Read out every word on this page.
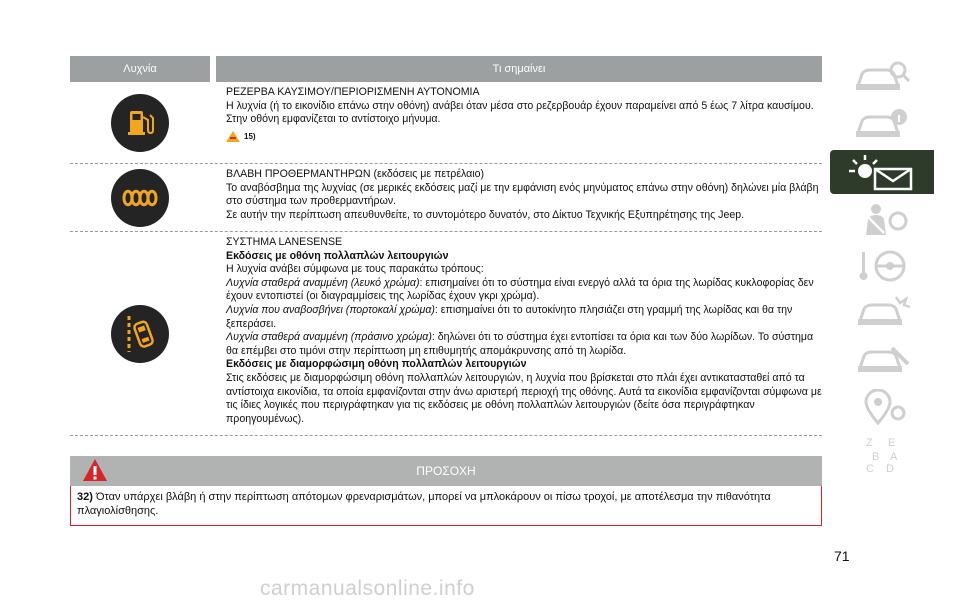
Λυχνία	Τι σημαίνει

ΡΕΖΕΡΒΑ ΚΑΥΣΙΜΟΥ/ΠΕΡΙΟΡΙΣΜΕΝΗ ΑΥΤΟΝΟΜΙΑ

Η λυχνία (ή το εικονίδιο επάνω στην οθόνη) ανάβει όταν μέσα στο ρεζερβουάρ έχουν παραμείνει από 5 έως 7 λίτρα καυσίμου. Στην οθόνη εμφανίζεται το αντίστοιχο μήνυμα.

15)

ΒΛΑΒΗ ΠΡΟΘΕΡΜΑΝΤΗΡΩΝ (εκδόσεις με πετρέλαιο)

Το αναβόσβημα της λυχνίας (σε μερικές εκδόσεις μαζί με την εμφάνιση ενός μηνύματος επάνω στην οθόνη) δηλώνει μία βλάβη στο σύστημα των προθερμαντήρων.

Σε αυτήν την περίπτωση απευθυνθείτε, το συντομότερο δυνατόν, στο Δίκτυο Τεχνικής Εξυπηρέτησης της Jeep.

ΣΥΣΤΗΜΑ LANESENSE

Εκδόσεις με οθόνη πολλαπλών λειτουργιών

Η λυχνία ανάβει σύμφωνα με τους παρακάτω τρόπους:

Λυχνία σταθερά αναμμένη (λευκό χρώμα): επισημαίνει ότι το σύστημα είναι ενεργό αλλά τα όρια της λωρίδας κυκλοφορίας δεν έχουν εντοπιστεί (οι διαγραμμίσεις της λωρίδας έχουν γκρι χρώμα).

Λυχνία που αναβοσβήνει (πορτοκαλί χρώμα): επισημαίνει ότι το αυτοκίνητο πλησιάζει στη γραμμή της λωρίδας και θα την ξεπεράσει.

Λυχνία σταθερά αναμμένη (πράσινο χρώμα): δηλώνει ότι το σύστημα έχει εντοπίσει τα όρια και των δύο λωρίδων. Το σύστημα θα επέμβει στο τιμόνι στην περίπτωση μη επιθυμητής απομάκρυνσης από τη λωρίδα.

Εκδόσεις με διαμορφώσιμη οθόνη πολλαπλών λειτουργιών

Στις εκδόσεις με διαμορφώσιμη οθόνη πολλαπλών λειτουργιών, η λυχνία που βρίσκεται στο πλάι έχει αντικατασταθεί από τα αντίστοιχα εικονίδια, τα οποία εμφανίζονται στην άνω αριστερή περιοχή της οθόνης. Αυτά τα εικονίδια εμφανίζονται σύμφωνα με τις ίδιες λογικές που περιγράφτηκαν για τις εκδόσεις με οθόνη πολλαπλών λειτουργιών (δείτε όσα περιγράφτηκαν προηγουμένως).

ΠΡΟΣΟΧΗ
32) Όταν υπάρχει βλάβη ή στην περίπτωση απότομων φρεναρισμάτων, μπορεί να μπλοκάρουν οι πίσω τροχοί, με αποτέλεσμα την πιθανότητα πλαγιολίσθησης.
Z E
B A
C D
71
carmanualsonline.info
